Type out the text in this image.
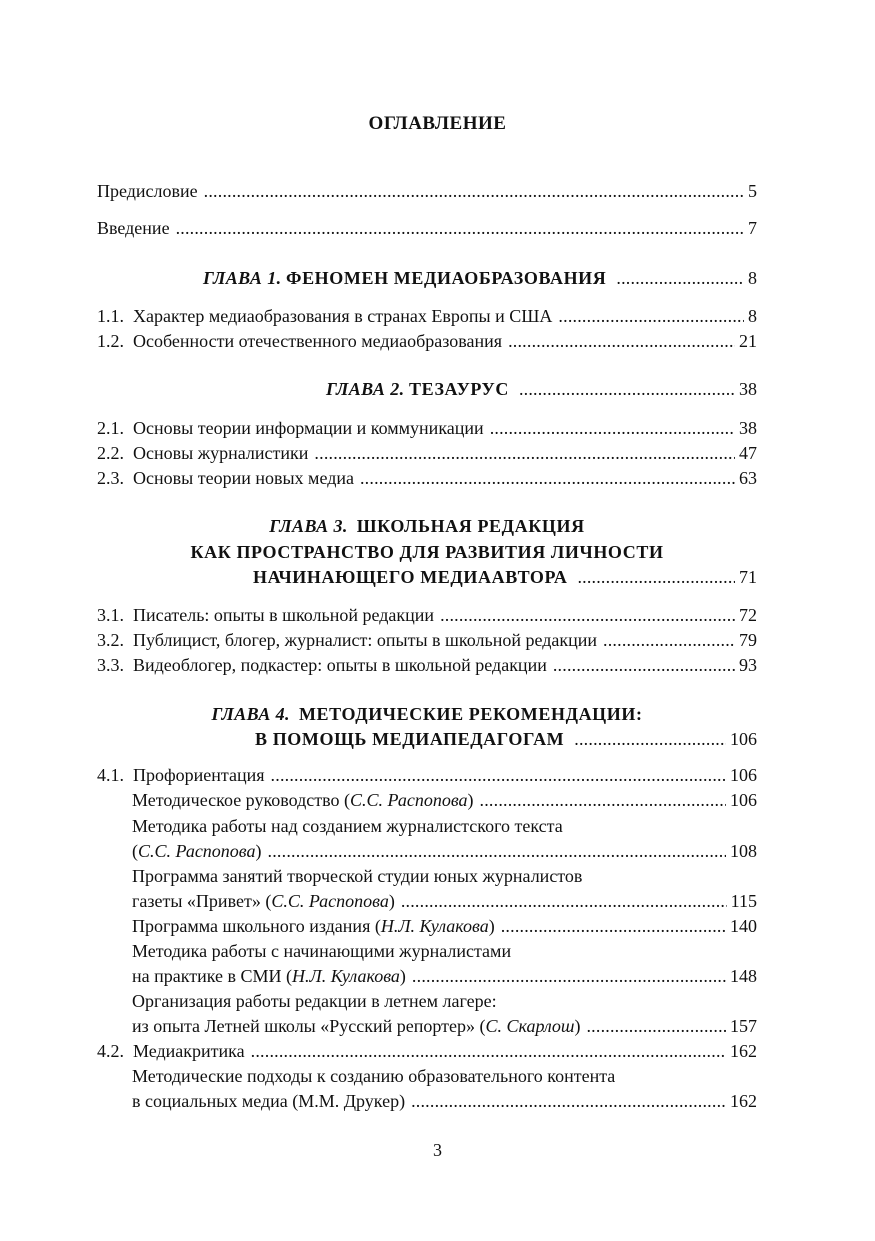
ОГЛАВЛЕНИЕ
Предисловие .....	5
Введение .....	7
ГЛАВА 1.
ФЕНОМЕН МЕДИАОБРАЗОВАНИЯ .....	8
1.1. Характер медиаобразования в странах Европы и США .....	8
1.2. Особенности отечественного медиаобразования .....	21
ГЛАВА 2.
ТЕЗАУРУС .....	38
2.1. Основы теории информации и коммуникации .....	38
2.2. Основы журналистики .....	47
2.3. Основы теории новых медиа .....	63
ГЛАВА 3. ШКОЛЬНАЯ РЕДАКЦИЯ
КАК ПРОСТРАНСТВО ДЛЯ РАЗВИТИЯ ЛИЧНОСТИ
НАЧИНАЮЩЕГО МЕДИААВТОРА .....	71
3.1. Писатель: опыты в школьной редакции .....	72
3.2. Публицист, блогер, журналист: опыты в школьной редакции .....	79
3.3. Видеоблогер, подкастер: опыты в школьной редакции .....	93
ГЛАВА 4. МЕТОДИЧЕСКИЕ РЕКОМЕНДАЦИИ:
В ПОМОЩЬ МЕДИАПЕДАГОГАМ .....	106
4.1. Профориентация .....	106
Методическое руководство (С.С. Распопова) .....	106
Методика работы над созданием журналистского текста
(С.С. Распопова) .....	108
Программа занятий творческой студии юных журналистов
газеты «Привет» (С.С. Распопова) .....	115
Программа школьного издания (Н.Л. Кулакова) .....	140
Методика работы с начинающими журналистами
на практике в СМИ (Н.Л. Кулакова) .....	148
Организация работы редакции в летнем лагере:
из опыта Летней школы «Русский репортер» (С. Скарлош) .....	157
4.2. Медиакритика .....	162
Методические подходы к созданию образовательного контента
в социальных медиа (М.М. Друкер) .....	162
3
